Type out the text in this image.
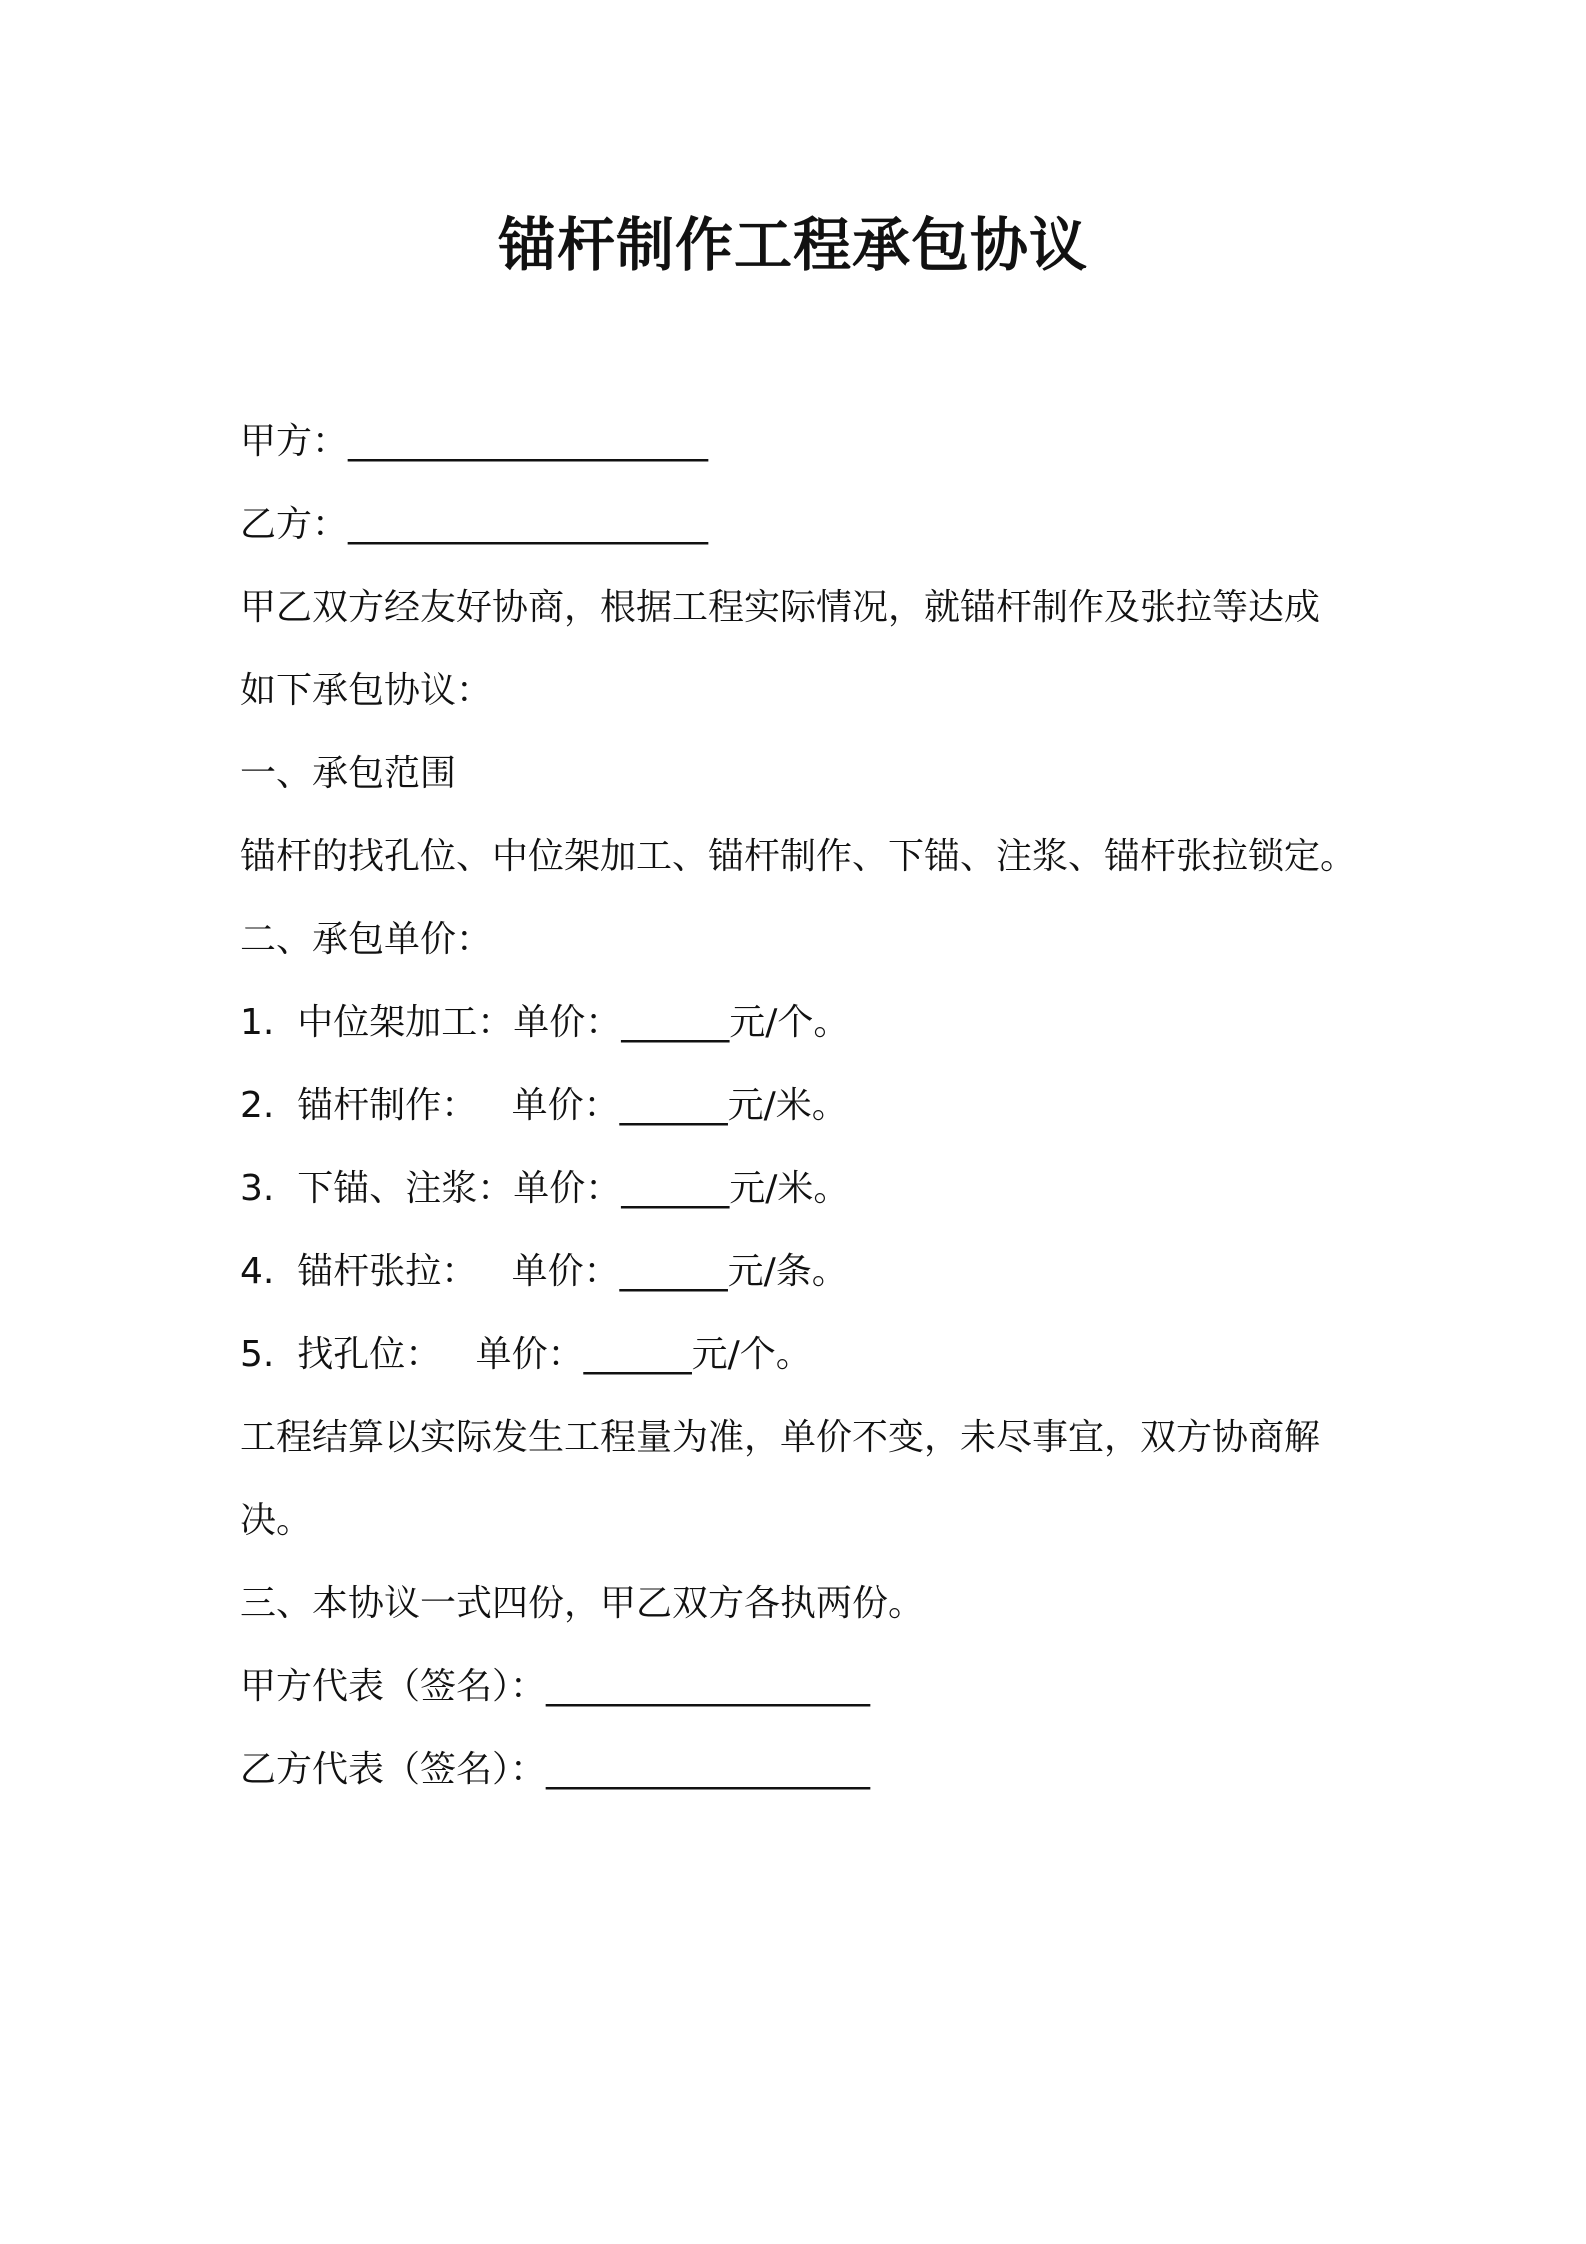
锚杆制作工程承包协议
甲方：____________________
乙方：____________________
甲乙双方经友好协商，根据工程实际情况，就锚杆制作及张拉等达成
如下承包协议：
一、承包范围
锚杆的找孔位、中位架加工、锚杆制作、下锚、注浆、锚杆张拉锁定。
二、承包单价：
1.  中位架加工：单价：______元/个。
2.  锚杆制作：   单价：______元/米。
3.  下锚、注浆：单价：______元/米。
4.  锚杆张拉：   单价：______元/条。
5.  找孔位：   单价：______元/个。
工程结算以实际发生工程量为准，单价不变，未尽事宜，双方协商解
决。
三、本协议一式四份，甲乙双方各执两份。
甲方代表（签名）：__________________
乙方代表（签名）：__________________
